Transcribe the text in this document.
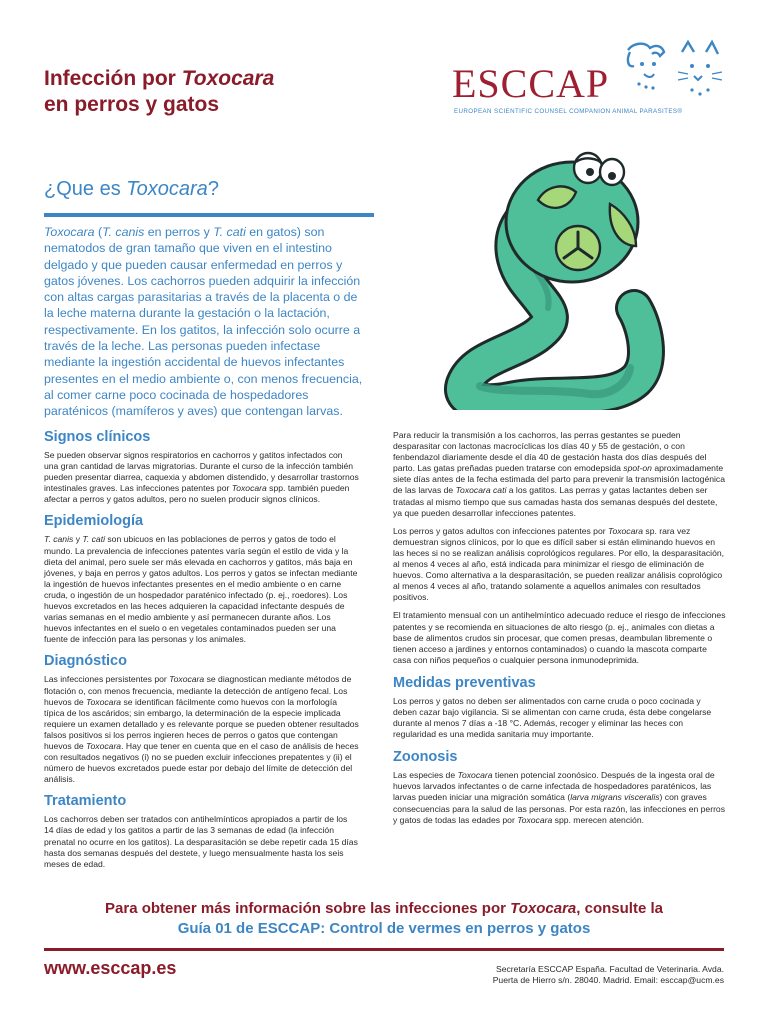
Infección por Toxocara
en perros y gatos	ESCCAP
EUROPEAN SCIENTIFIC COUNSEL COMPANION ANIMAL PARASITES®
¿Que es Toxocara?

Toxocara (T. canis en perros y T. cati en gatos) son nematodos de gran tamaño que viven en el intestino delgado y que pueden causar enfermedad en perros y gatos jóvenes. Los cachorros pueden adquirir la infección con altas cargas parasitarias a través de la placenta o de la leche materna durante la gestación o la lactación, respectivamente. En los gatitos, la infección solo ocurre a través de la leche. Las personas pueden infectase mediante la ingestión accidental de huevos infectantes presentes en el medio ambiente o, con menos frecuencia, al comer carne poco cocinada de hospedadores paraténicos (mamíferos y aves) que contengan larvas.

Signos clínicos

Se pueden observar signos respiratorios en cachorros y gatitos infectados con una gran cantidad de larvas migratorias. Durante el curso de la infección también pueden presentar diarrea, caquexia y abdomen distendido, y desarrollar trastornos intestinales graves. Las infecciones patentes por Toxocara spp. también pueden afectar a perros y gatos adultos, pero no suelen producir signos clínicos.

Epidemiología

T. canis y T. cati son ubicuos en las poblaciones de perros y gatos de todo el mundo. La prevalencia de infecciones patentes varía según el estilo de vida y la dieta del animal, pero suele ser más elevada en cachorros y gatitos, más baja en jóvenes, y baja en perros y gatos adultos. Los perros y gatos se infectan mediante la ingestión de huevos infectantes presentes en el medio ambiente o en carne cruda, o ingestión de un hospedador paraténico infectado (p. ej., roedores). Los huevos excretados en las heces adquieren la capacidad infectante después de varias semanas en el medio ambiente y así permanecen durante años. Los huevos infectantes en el suelo o en vegetales contaminados pueden ser una fuente de infección para las personas y los animales.

Diagnóstico

Las infecciones persistentes por Toxocara se diagnostican mediante métodos de flotación o, con menos frecuencia, mediante la detección de antígeno fecal. Los huevos de Toxocara se identifican fácilmente como huevos con la morfología típica de los ascáridos; sin embargo, la determinación de la especie implicada requiere un examen detallado y es relevante porque se pueden obtener resultados falsos positivos si los perros ingieren heces de perros o gatos que contengan huevos de Toxocara. Hay que tener en cuenta que en el caso de análisis de heces con resultados negativos (i) no se pueden excluir infecciones prepatentes y (ii) el número de huevos excretados puede estar por debajo del límite de detección del análisis.

Tratamiento

Los cachorros deben ser tratados con antihelmínticos apropiados a partir de los 14 días de edad y los gatitos a partir de las 3 semanas de edad (la infección prenatal no ocurre en los gatitos). La desparasitación se debe repetir cada 15 días hasta dos semanas después del destete, y luego mensualmente hasta los seis meses de edad.

Para reducir la transmisión a los cachorros, las perras gestantes se pueden desparasitar con lactonas macrocíclicas los días 40 y 55 de gestación, o con fenbendazol diariamente desde el día 40 de gestación hasta dos días después del parto. Las gatas preñadas pueden tratarse con emodepsida spot-on aproximadamente siete días antes de la fecha estimada del parto para prevenir la transmisión lactogénica de las larvas de Toxocara cati a los gatitos. Las perras y gatas lactantes deben ser tratadas al mismo tiempo que sus camadas hasta dos semanas después del destete, ya que pueden desarrollar infecciones patentes.

Los perros y gatos adultos con infecciones patentes por Toxocara sp. rara vez demuestran signos clínicos, por lo que es difícil saber si están eliminando huevos en las heces si no se realizan análisis coprológicos regulares. Por ello, la desparasitación, al menos 4 veces al año, está indicada para minimizar el riesgo de eliminación de huevos. Como alternativa a la desparasitación, se pueden realizar análisis coprológico al menos 4 veces al año, tratando solamente a aquellos animales con resultados positivos.

El tratamiento mensual con un antihelmíntico adecuado reduce el riesgo de infecciones patentes y se recomienda en situaciones de alto riesgo (p. ej., animales con dietas a base de alimentos crudos sin procesar, que comen presas, deambulan libremente o tienen acceso a jardines y entornos contaminados) o cuando la mascota comparte casa con niños pequeños o cualquier persona inmunodeprimida.

Medidas preventivas

Los perros y gatos no deben ser alimentados con carne cruda o poco cocinada y deben cazar bajo vigilancia. Si se alimentan con carne cruda, ésta debe congelarse durante al menos 7 días a -18 °C. Además, recoger y eliminar las heces con regularidad es una medida sanitaria muy importante.

Zoonosis

Las especies de Toxocara tienen potencial zoonósico. Después de la ingesta oral de huevos larvados infectantes o de carne infectada de hospedadores paraténicos, las larvas pueden iniciar una migración somática (larva migrans visceralis) con graves consecuencias para la salud de las personas. Por esta razón, las infecciones en perros y gatos de todas las edades por Toxocara spp. merecen atención.

Para obtener más información sobre las infecciones por Toxocara, consulte la
Guía 01 de ESCCAP: Control de vermes en perros y gatos
www.esccap.es	Secretaría ESCCAP España. Facultad de Veterinaria. Avda.
Puerta de Hierro s/n. 28040. Madrid. Email: esccap@ucm.es
